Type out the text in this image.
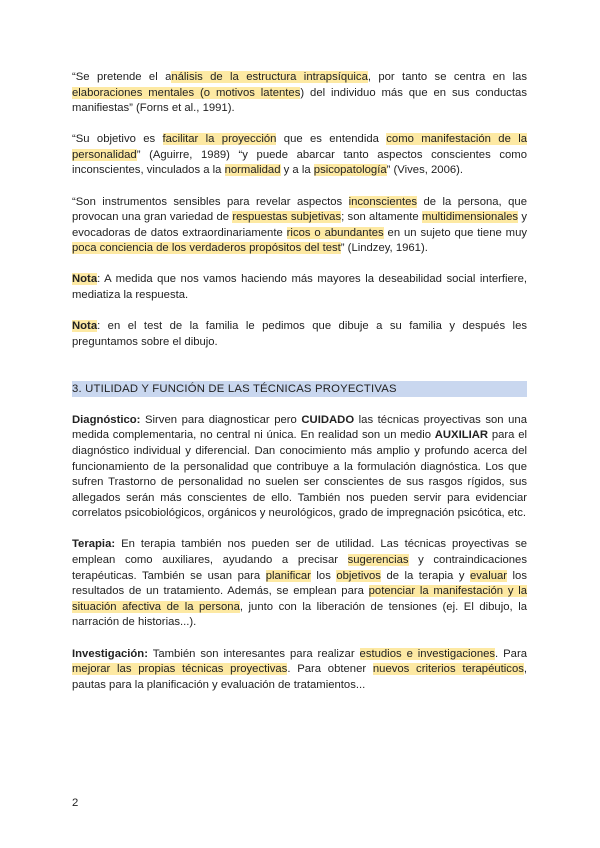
“Se pretende el análisis de la estructura intrapsíquica, por tanto se centra en las elaboraciones mentales (o motivos latentes) del individuo más que en sus conductas manifiestas” (Forns et al., 1991).

“Su objetivo es facilitar la proyección que es entendida como manifestación de la personalidad” (Aguirre, 1989) “y puede abarcar tanto aspectos conscientes como inconscientes, vinculados a la normalidad y a la psicopatología” (Vives, 2006).

“Son instrumentos sensibles para revelar aspectos inconscientes de la persona, que provocan una gran variedad de respuestas subjetivas; son altamente multidimensionales y evocadoras de datos extraordinariamente ricos o abundantes en un sujeto que tiene muy poca conciencia de los verdaderos propósitos del test” (Lindzey, 1961).

Nota: A medida que nos vamos haciendo más mayores la deseabilidad social interfiere, mediatiza la respuesta.

Nota: en el test de la familia le pedimos que dibuje a su familia y después les preguntamos sobre el dibujo.

3. UTILIDAD Y FUNCIÓN DE LAS TÉCNICAS PROYECTIVAS

Diagnóstico: Sirven para diagnosticar pero CUIDADO las técnicas proyectivas son una medida complementaria, no central ni única. En realidad son un medio AUXILIAR para el diagnóstico individual y diferencial. Dan conocimiento más amplio y profundo acerca del funcionamiento de la personalidad que contribuye a la formulación diagnóstica. Los que sufren Trastorno de personalidad no suelen ser conscientes de sus rasgos rígidos, sus allegados serán más conscientes de ello. También nos pueden servir para evidenciar correlatos psicobiológicos, orgánicos y neurológicos, grado de impregnación psicótica, etc.

Terapia: En terapia también nos pueden ser de utilidad. Las técnicas proyectivas se emplean como auxiliares, ayudando a precisar sugerencias y contraindicaciones terapéuticas. También se usan para planificar los objetivos de la terapia y evaluar los resultados de un tratamiento. Además, se emplean para potenciar la manifestación y la situación afectiva de la persona, junto con la liberación de tensiones (ej. El dibujo, la narración de historias...).

Investigación: También son interesantes para realizar estudios e investigaciones. Para mejorar las propias técnicas proyectivas. Para obtener nuevos criterios terapéuticos, pautas para la planificación y evaluación de tratamientos...

2
